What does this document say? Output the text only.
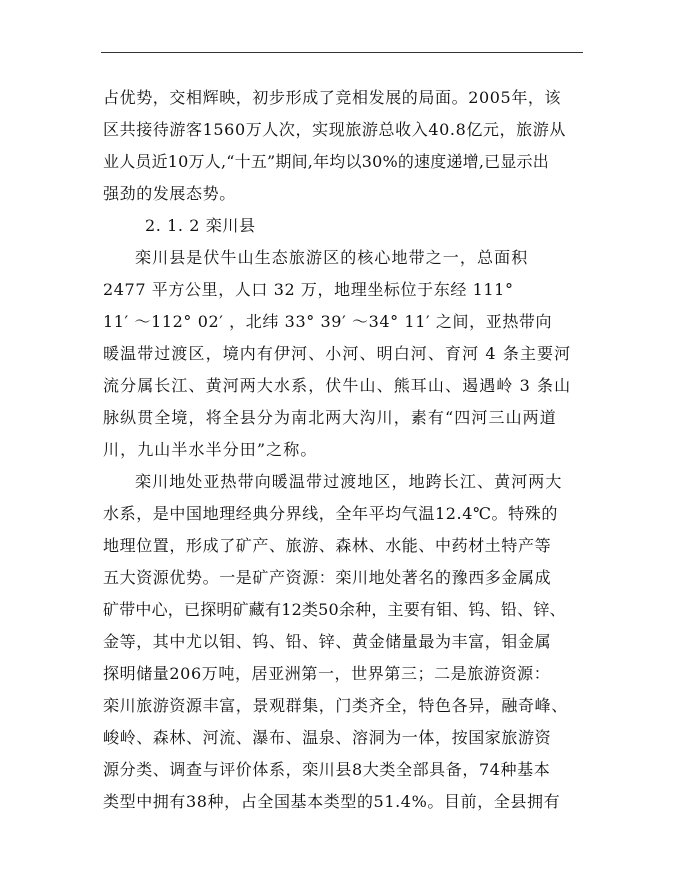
占优势，交相辉映，初步形成了竞相发展的局面。2005年，该
区共接待游客1560万人次，实现旅游总收入40.8亿元，旅游从
业人员近10万人,“十五”期间,年均以30%的速度递增,已显示出
强劲的发展态势。
2. 1. 2 栾川县
栾川县是伏牛山生态旅游区的核心地带之一，总面积
2477 平方公里，人口 32 万，地理坐标位于东经 111°
11′ ～112° 02′ ，北纬 33° 39′ ～34° 11′ 之间，亚热带向
暖温带过渡区，境内有伊河、小河、明白河、育河 4 条主要河
流分属长江、黄河两大水系，伏牛山、熊耳山、遏遇岭 3 条山
脉纵贯全境，将全县分为南北两大沟川，素有“四河三山两道
川，九山半水半分田”之称。
栾川地处亚热带向暖温带过渡地区，地跨长江、黄河两大
水系，是中国地理经典分界线，全年平均气温12.4℃。特殊的
地理位置，形成了矿产、旅游、森林、水能、中药材土特产等
五大资源优势。一是矿产资源：栾川地处著名的豫西多金属成
矿带中心，已探明矿藏有12类50余种，主要有钼、钨、铅、锌、
金等，其中尤以钼、钨、铅、锌、黄金储量最为丰富，钼金属
探明储量206万吨，居亚洲第一，世界第三；二是旅游资源：
栾川旅游资源丰富，景观群集，门类齐全，特色各异，融奇峰、
峻岭、森林、河流、瀑布、温泉、溶洞为一体，按国家旅游资
源分类、调查与评价体系，栾川县8大类全部具备，74种基本
类型中拥有38种，占全国基本类型的51.4%。目前，全县拥有
